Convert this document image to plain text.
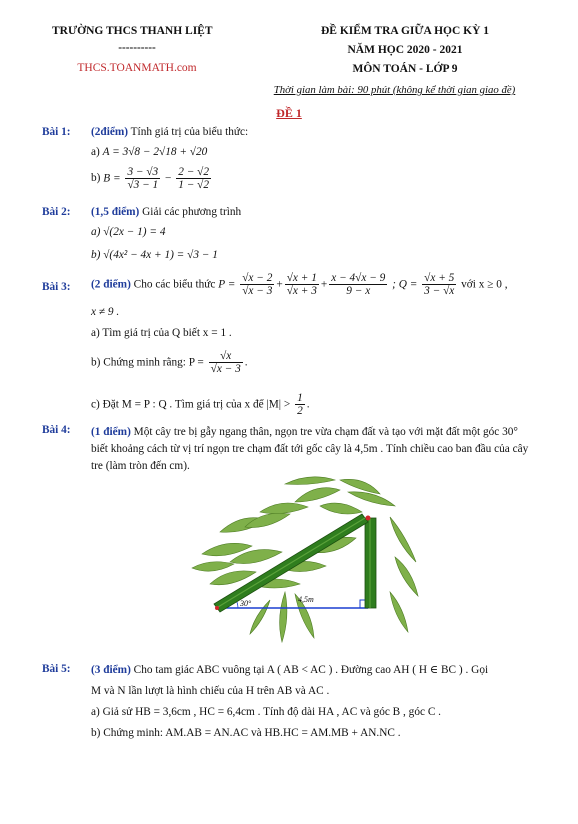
TRƯỜNG THCS THANH LIỆT
----------
THCS.TOANMATH.com
ĐỀ KIỂM TRA GIỮA HỌC KỲ 1
NĂM HỌC 2020 - 2021
MÔN TOÁN - LỚP 9
Thời gian làm bài: 90 phút (không kể thời gian giao đề)
ĐỀ 1
Bài 1: (2điểm) Tính giá trị của biểu thức:
a) A = 3√8 − 2√18 + √20
b) $B = \frac{3 - √3}{√3 - 1} - \frac{2 - √2}{1 - √2}$
Bài 2: (1,5 điểm) Giải các phương trình
a) √(2x − 1) = 4
b) √(4x² − 4x + 1) = √3 − 1
Bài 3: (2 điểm) Cho các biểu thức $P = \frac{√x - 2}{√x - 3} + \frac{√x + 1}{√x + 3} + \frac{x - 4√x - 9}{9 - x}$ ; $Q = \frac{√x + 5}{3 - √x}$ với x ≥ 0 ,
x ≠ 9 .
a) Tìm giá trị của Q biết x = 1 .
b) Chứng minh rằng: $P = \frac{√x}{√x - 3}$ .
c) Đặt M = P : Q . Tìm giá trị của x để $|M| > \frac{1}{2}$ .
Bài 4: (1 điểm) Một cây tre bị gẫy ngang thân, ngọn tre vừa chạm đất và tạo với mặt đất một góc 30° biết khoảng cách từ vị trí ngọn tre chạm đất tới gốc cây là 4,5m . Tính chiều cao ban đầu của cây tre (làm tròn đến cm).
30°	4,5m
Bài 5: (3 điểm) Cho tam giác ABC vuông tại A ( AB < AC ) . Đường cao AH ( H ∈ BC ) . Gọi
M và N lần lượt là hình chiếu của H trên AB và AC .
a) Giả sử HB = 3,6cm , HC = 6,4cm . Tính độ dài HA , AC và góc B , góc C .
b) Chứng minh: AM.AB = AN.AC và HB.HC = AM.MB + AN.NC .
